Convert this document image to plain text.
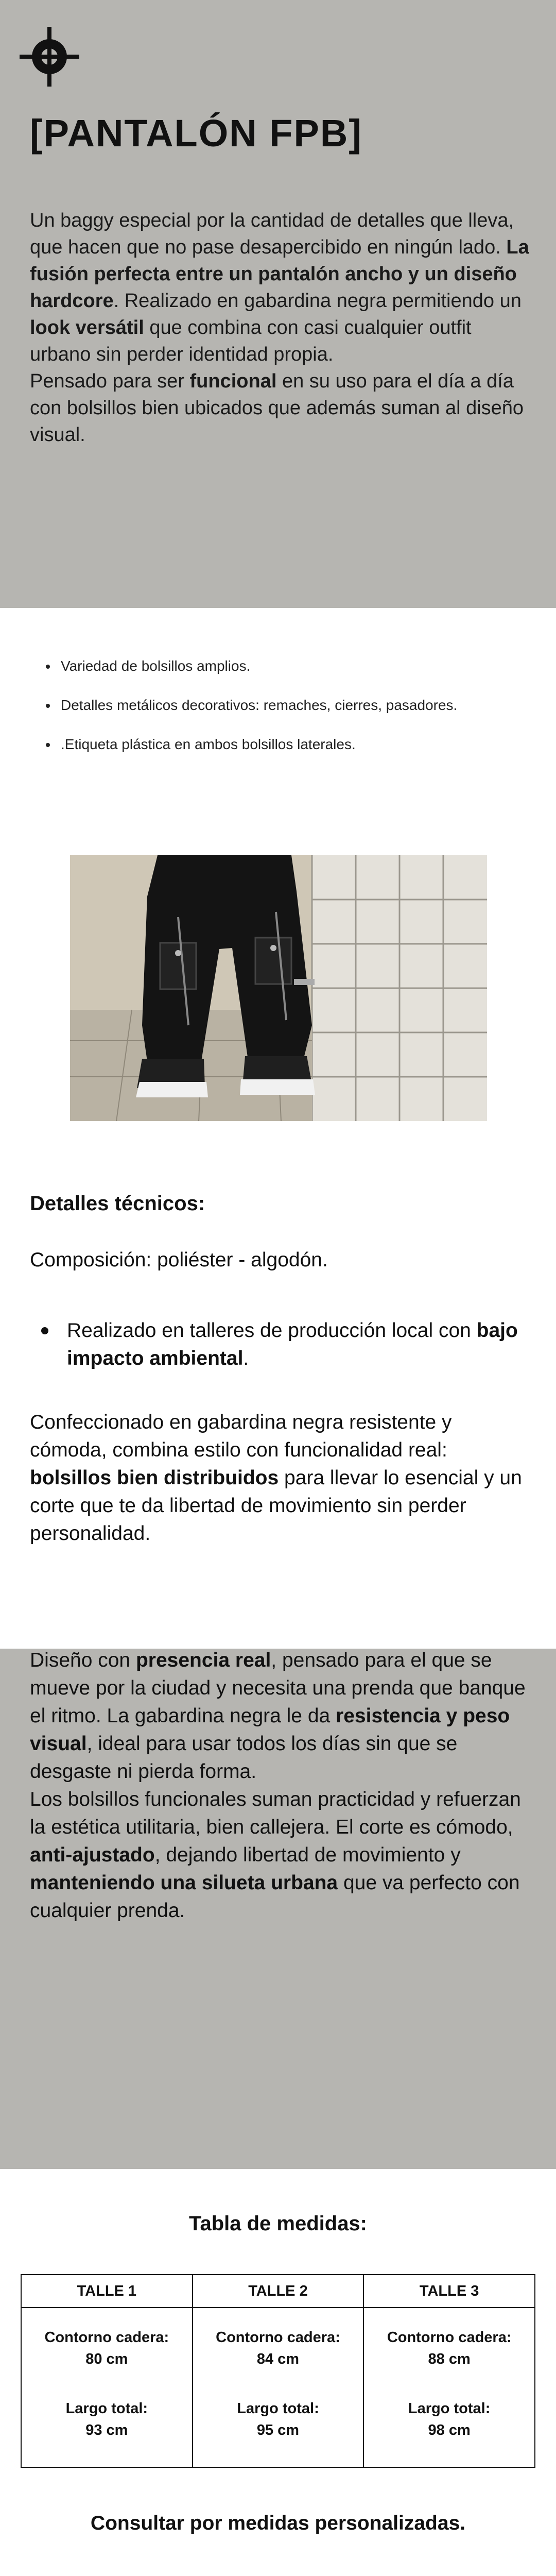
[PANTALÓN FPB]

Un baggy especial por la cantidad de detalles que lleva, que hacen que no pase desapercibido en ningún lado. La fusión perfecta entre un pantalón ancho y un diseño hardcore. Realizado en gabardina negra permitiendo un look versátil que combina con casi cualquier outfit urbano sin perder identidad propia.

Pensado para ser funcional en su uso para el día a día con bolsillos bien ubicados que además suman al diseño visual.

• Variedad de bolsillos amplios.
• Detalles metálicos decorativos: remaches, cierres, pasadores.
• .Etiqueta plástica en ambos bolsillos laterales.
Detalles técnicos:

Composición: poliéster - algodón.

Realizado en talleres de producción local con bajo impacto ambiental.

Confeccionado en gabardina negra resistente y cómoda, combina estilo con funcionalidad real: bolsillos bien distribuidos para llevar lo esencial y un corte que te da libertad de movimiento sin perder personalidad.

Diseño con presencia real, pensado para el que se mueve por la ciudad y necesita una prenda que banque el ritmo. La gabardina negra le da resistencia y peso visual, ideal para usar todos los días sin que se desgaste ni pierda forma.

Los bolsillos funcionales suman practicidad y refuerzan la estética utilitaria, bien callejera. El corte es cómodo, anti-ajustado, dejando libertad de movimiento y manteniendo una silueta urbana que va perfecto con cualquier prenda.

Tabla de medidas:
TALLE 1	TALLE 2	TALLE 3
Contorno cadera:
80 cm
Largo total:
93 cm	Contorno cadera:
84 cm
Largo total:
95 cm	Contorno cadera:
88 cm
Largo total:
98 cm

Consultar por medidas personalizadas.
